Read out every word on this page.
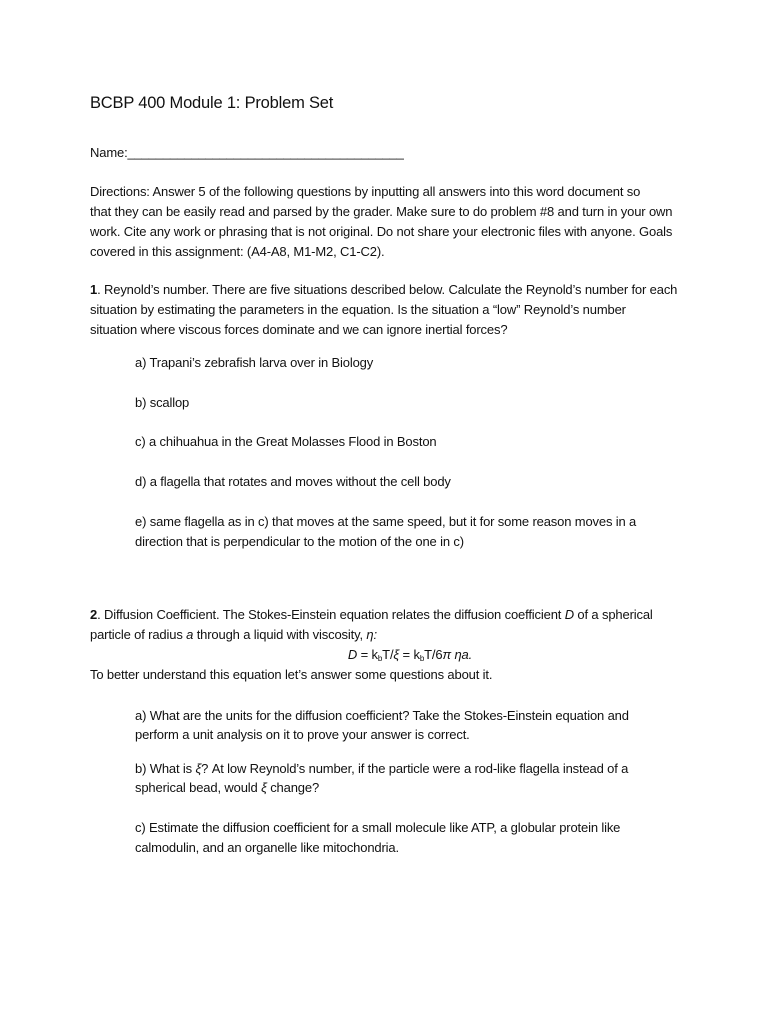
BCBP 400 Module 1: Problem Set
Name:_______________________________________
Directions: Answer 5 of the following questions by inputting all answers into this word document so
that they can be easily read and parsed by the grader. Make sure to do problem #8 and turn in your own
work. Cite any work or phrasing that is not original. Do not share your electronic files with anyone. Goals
covered in this assignment: (A4-A8, M1-M2, C1-C2).
1. Reynold’s number. There are five situations described below. Calculate the Reynold’s number for each
situation by estimating the parameters in the equation. Is the situation a “low” Reynold’s number
situation where viscous forces dominate and we can ignore inertial forces?
a) Trapani’s zebrafish larva over in Biology
b) scallop
c) a chihuahua in the Great Molasses Flood in Boston
d) a flagella that rotates and moves without the cell body
e) same flagella as in c) that moves at the same speed, but it for some reason moves in a
direction that is perpendicular to the motion of the one in c)
2. Diffusion Coefficient. The Stokes-Einstein equation relates the diffusion coefficient D of a spherical
particle of radius a through a liquid with viscosity, η:
$D = k_bT/\xi = k_bT/6\pi$ ηa.
To better understand this equation let’s answer some questions about it.
a) What are the units for the diffusion coefficient? Take the Stokes-Einstein equation and
perform a unit analysis on it to prove your answer is correct.
b) What is ξ? At low Reynold’s number, if the particle were a rod-like flagella instead of a
spherical bead, would ξ change?
c) Estimate the diffusion coefficient for a small molecule like ATP, a globular protein like
calmodulin, and an organelle like mitochondria.
